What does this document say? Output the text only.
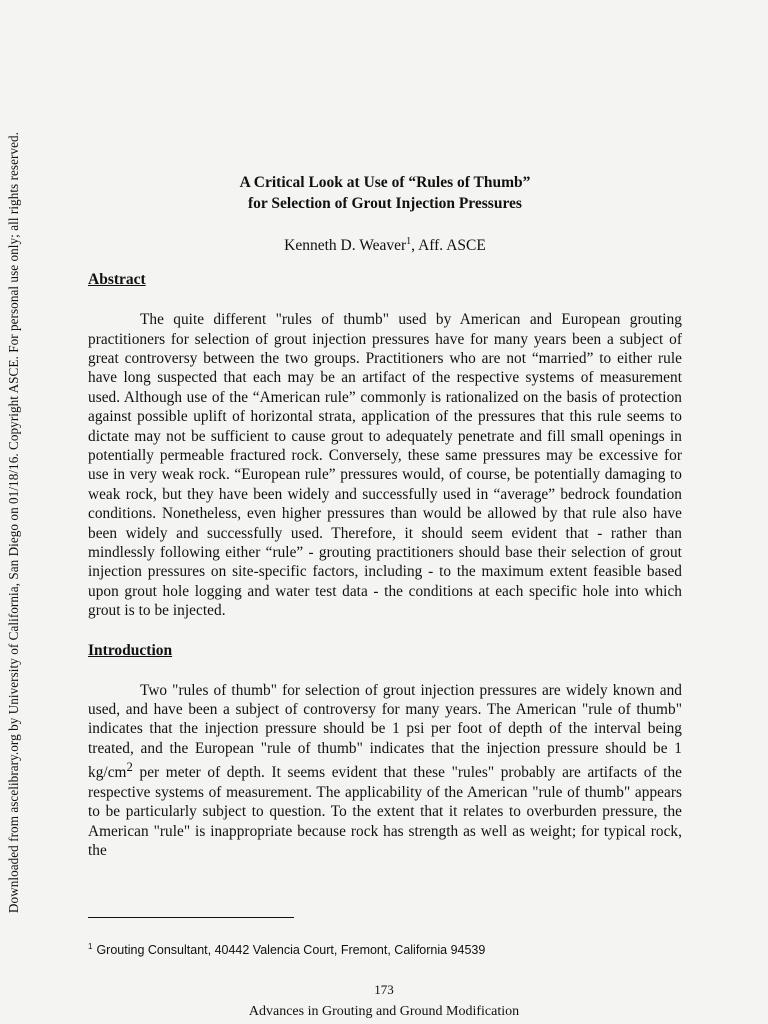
Downloaded from ascelibrary.org by University of California, San Diego on 01/18/16. Copyright ASCE. For personal use only; all rights reserved.	A Critical Look at Use of “Rules of Thumb”
for Selection of Grout Injection Pressures

Kenneth D. Weaver$^1$, Aff. ASCE

Abstract

The quite different "rules of thumb" used by American and European grouting practitioners for selection of grout injection pressures have for many years been a subject of great controversy between the two groups. Practitioners who are not “married” to either rule have long suspected that each may be an artifact of the respective systems of measurement used. Although use of the “American rule” commonly is rationalized on the basis of protection against possible uplift of horizontal strata, application of the pressures that this rule seems to dictate may not be sufficient to cause grout to adequately penetrate and fill small openings in potentially permeable fractured rock. Conversely, these same pressures may be excessive for use in very weak rock. “European rule” pressures would, of course, be potentially damaging to weak rock, but they have been widely and successfully used in “average” bedrock foundation conditions. Nonetheless, even higher pressures than would be allowed by that rule also have been widely and successfully used. Therefore, it should seem evident that - rather than mindlessly following either “rule” - grouting practitioners should base their selection of grout injection pressures on site-specific factors, including - to the maximum extent feasible based upon grout hole logging and water test data - the conditions at each specific hole into which grout is to be injected.

Introduction

Two "rules of thumb" for selection of grout injection pressures are widely known and used, and have been a subject of controversy for many years. The American "rule of thumb" indicates that the injection pressure should be 1 psi per foot of depth of the interval being treated, and the European "rule of thumb" indicates that the injection pressure should be 1 $kg/cm^2$ per meter of depth. It seems evident that these "rules" probably are artifacts of the respective systems of measurement. The applicability of the American "rule of thumb" appears to be particularly subject to question. To the extent that it relates to overburden pressure, the American "rule" is inappropriate because rock has strength as well as weight; for typical rock, the

$^1$ Grouting Consultant, 40442 Valencia Court, Fremont, California 94539
173
Advances in Grouting and Ground Modification
